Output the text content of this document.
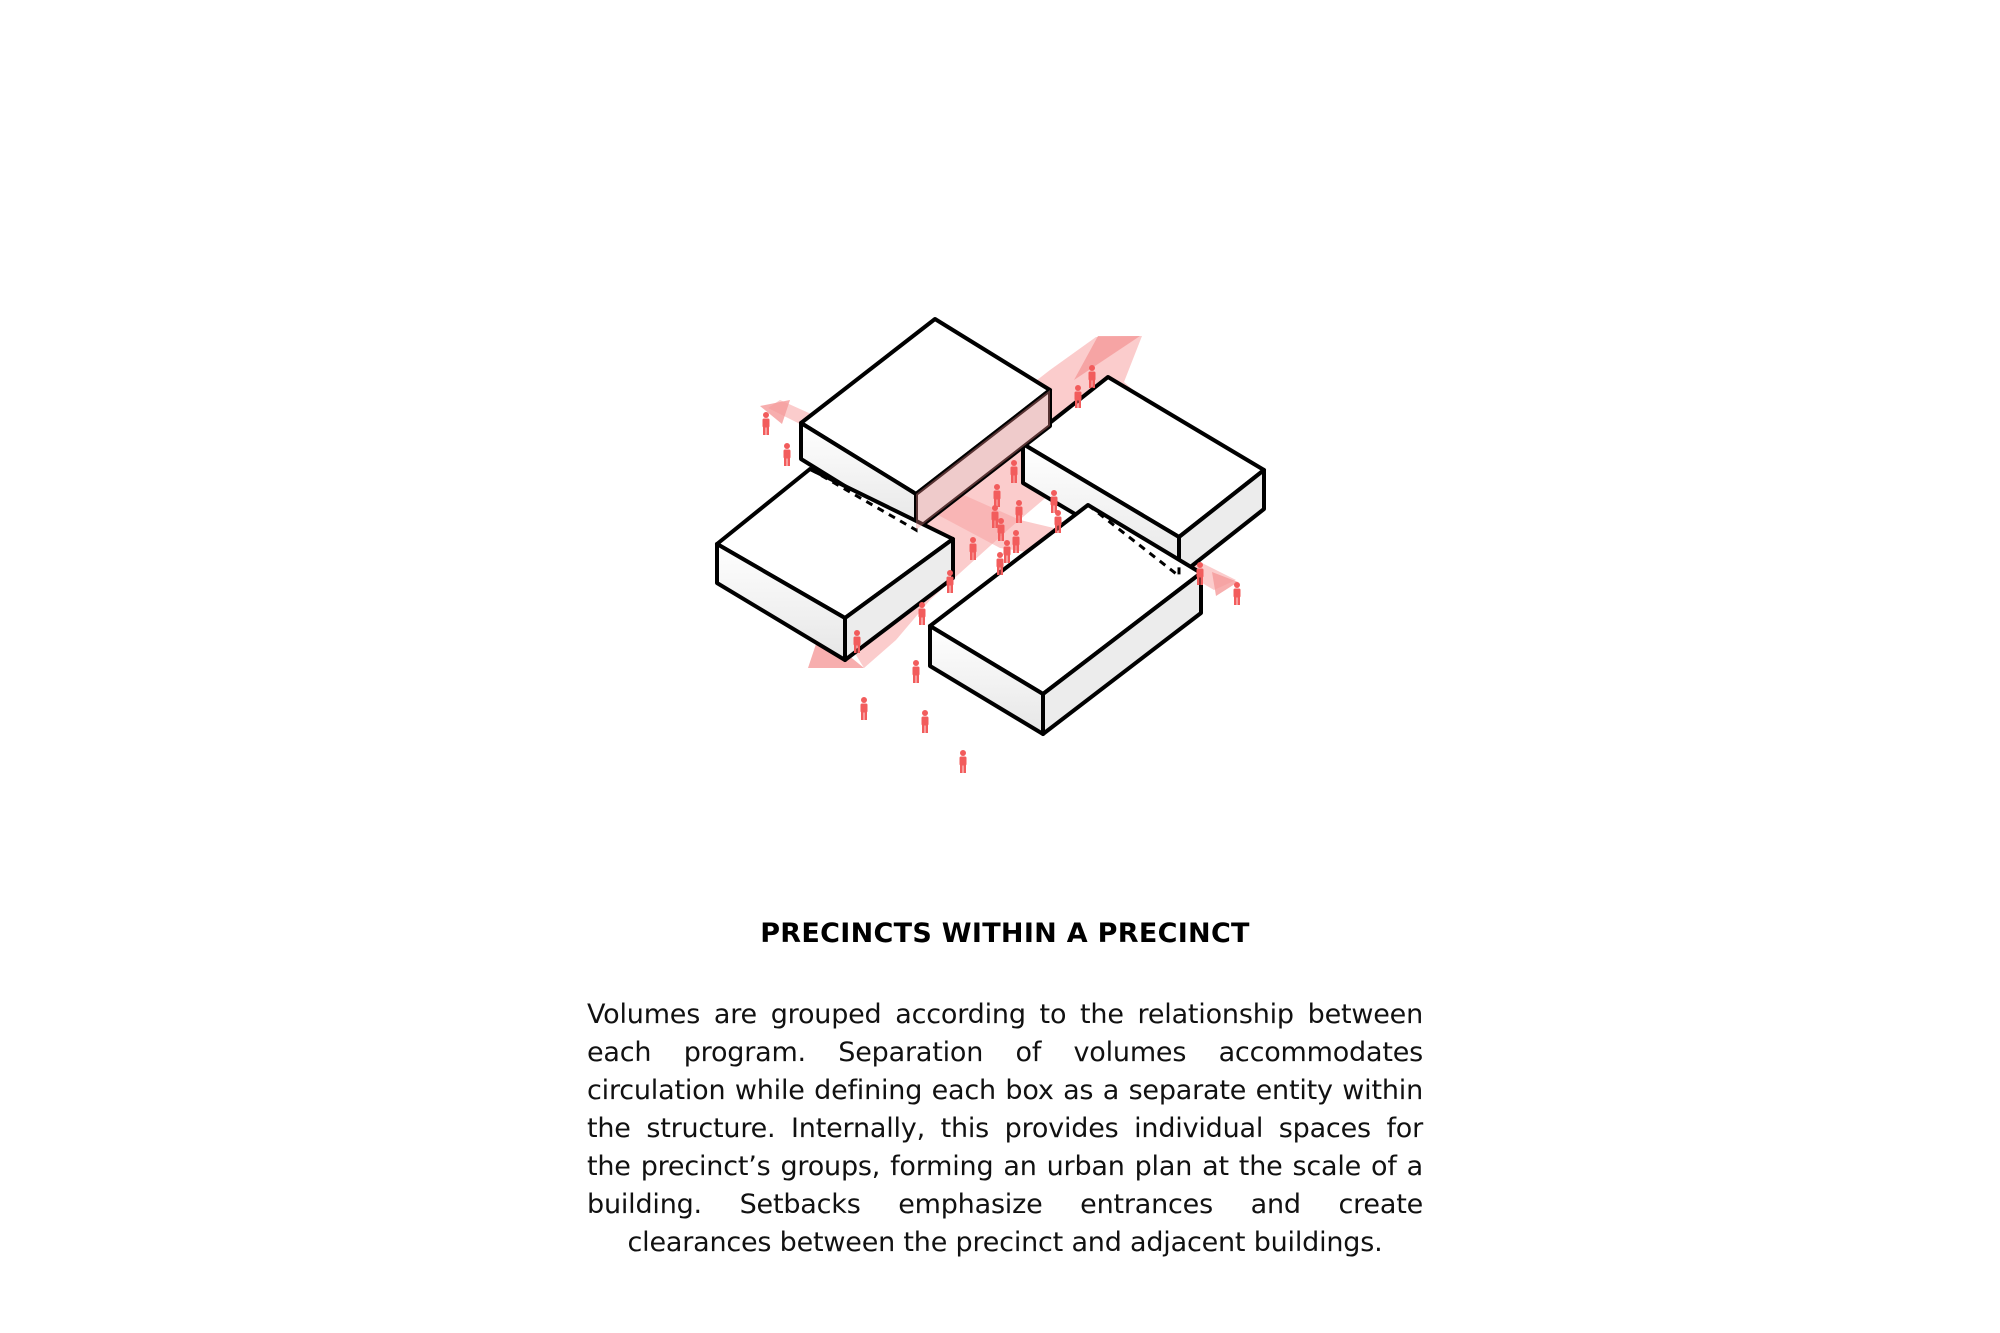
PRECINCTS WITHIN A PRECINCT
Volumes are grouped according to the relationship between each program. Separation of volumes accommodates circulation while defining each box as a separate entity within the structure. Internally, this provides individual spaces for the precinct’s groups, forming an urban plan at the scale of a building. Setbacks emphasize entrances and create clearances between the precinct and adjacent buildings.
